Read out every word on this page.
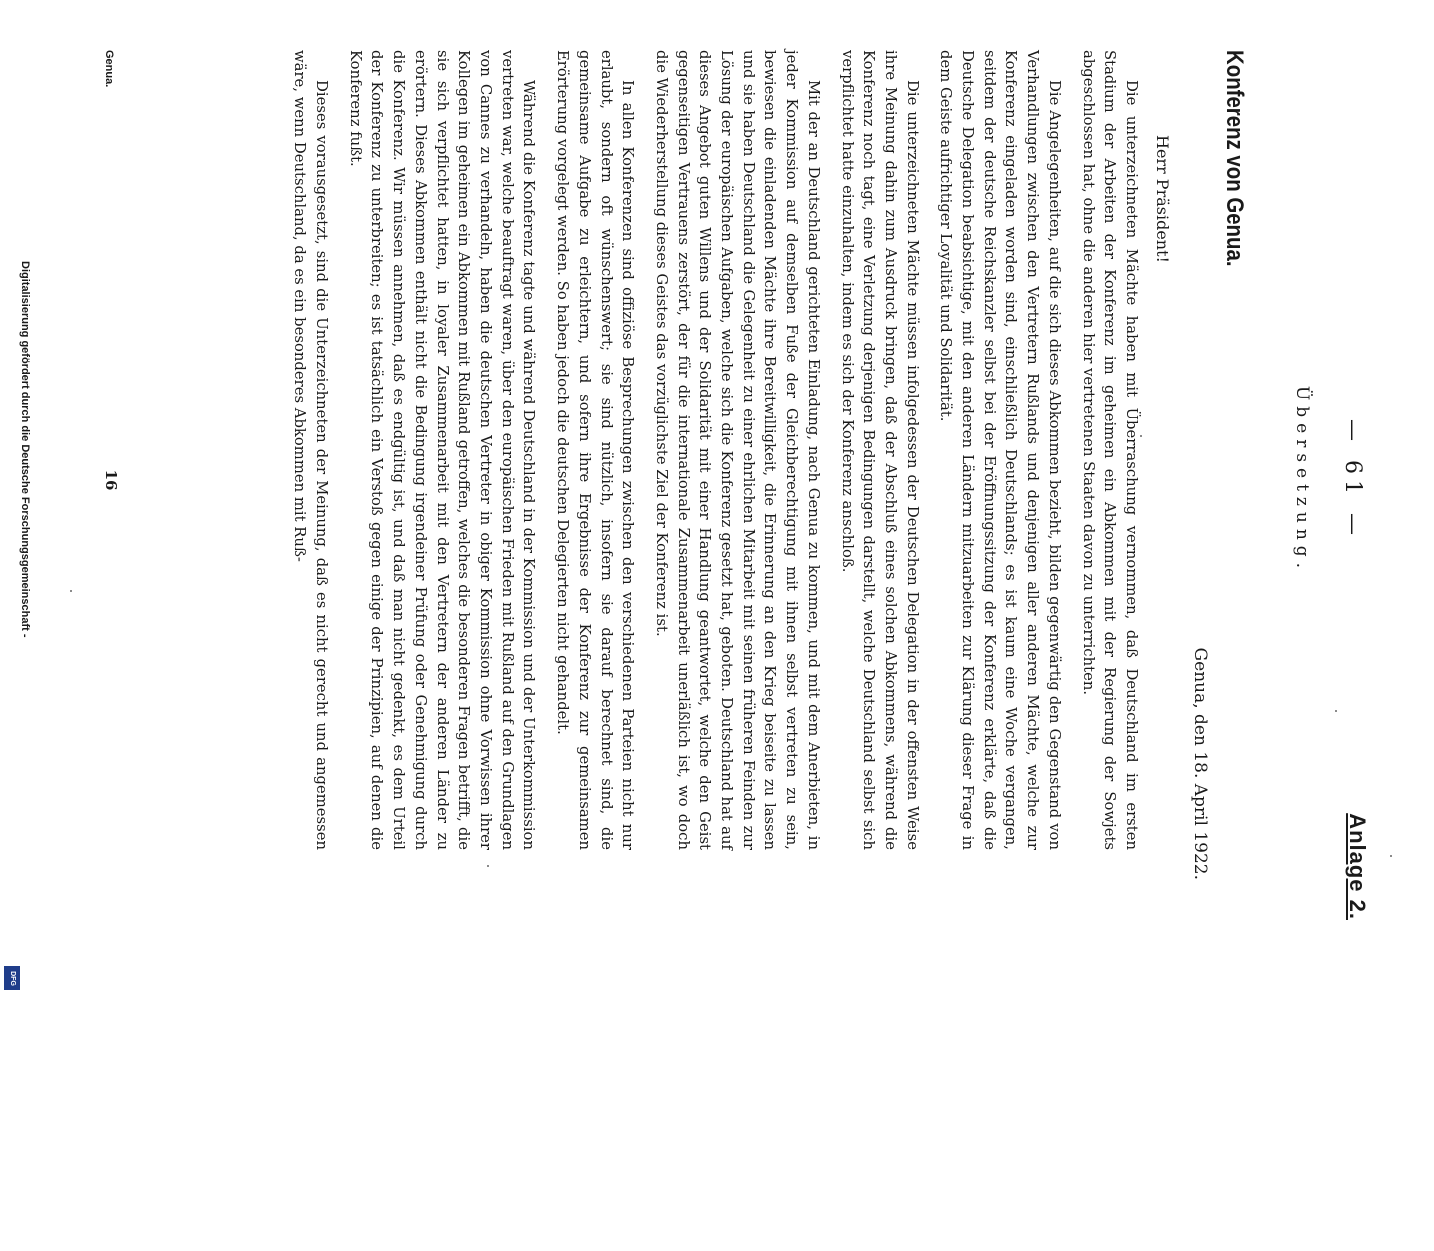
Anlage 2.
— 61 —
Übersetzung.
Konferenz von Genua.
Genua, den 18. April 1922.
Herr Präsident!

Die unterzeichneten Mächte haben mit Überraschung vernommen, daß Deutschland im ersten Stadium der Arbeiten der Konferenz im geheimen ein Abkommen mit der Regierung der Sowjets abgeschlossen hat, ohne die anderen hier vertretenen Staaten davon zu unterrichten.

Die Angelegenheiten, auf die sich dieses Abkommen bezieht, bilden gegenwärtig den Gegenstand von Verhandlungen zwischen den Vertretern Rußlands und denjenigen aller anderen Mächte, welche zur Konferenz eingeladen worden sind, einschließlich Deutschlands; es ist kaum eine Woche vergangen, seitdem der deutsche Reichskanzler selbst bei der Eröffnungssitzung der Konferenz erklärte, daß die Deutsche Delegation beabsichtige, mit den anderen Ländern mitzuarbeiten zur Klärung dieser Frage in dem Geiste aufrichtiger Loyalität und Solidarität.

Die unterzeichneten Mächte müssen infolgedessen der Deutschen Delegation in der offensten Weise ihre Meinung dahin zum Ausdruck bringen, daß der Abschluß eines solchen Abkommens, während die Konferenz noch tagt, eine Verletzung derjenigen Bedingungen darstellt, welche Deutschland selbst sich verpflichtet hatte einzuhalten, indem es sich der Konferenz anschloß.

Mit der an Deutschland gerichteten Einladung, nach Genua zu kommen, und mit dem Anerbieten, in jeder Kommission auf demselben Fuße der Gleichberechtigung mit ihnen selbst vertreten zu sein, bewiesen die einladenden Mächte ihre Bereitwilligkeit, die Erinnerung an den Krieg beiseite zu lassen und sie haben Deutschland die Gelegenheit zu einer ehrlichen Mitarbeit mit seinen früheren Feinden zur Lösung der europäischen Aufgaben, welche sich die Konferenz gesetzt hat, geboten. Deutschland hat auf dieses Angebot guten Willens und der Solidarität mit einer Handlung geantwortet, welche den Geist gegenseitigen Vertrauens zerstört, der für die internationale Zusammenarbeit unerläßlich ist, wo doch die Wiederherstellung dieses Geistes das vorzüglichste Ziel der Konferenz ist.

In allen Konferenzen sind offiziöse Besprechungen zwischen den verschiedenen Parteien nicht nur erlaubt, sondern oft wünschenswert; sie sind nützlich, insofern sie darauf berechnet sind, die gemeinsame Aufgabe zu erleichtern, und sofern ihre Ergebnisse der Konferenz zur gemeinsamen Erörterung vorgelegt werden. So haben jedoch die deutschen Delegierten nicht gehandelt.

Während die Konferenz tagte und während Deutschland in der Kommission und der Unterkommission vertreten war, welche beauftragt waren, über den europäischen Frieden mit Rußland auf den Grundlagen von Cannes zu verhandeln, haben die deutschen Vertreter in obiger Kommission ohne Vorwissen ihrer Kollegen im geheimen ein Abkommen mit Rußland getroffen, welches die besonderen Fragen betrifft, die sie sich verpflichtet hatten, in loyaler Zusammenarbeit mit den Vertretern der anderen Länder zu erörtern. Dieses Abkommen enthält nicht die Bedingung irgendeiner Prüfung oder Genehmigung durch die Konferenz. Wir müssen annehmen, daß es endgültig ist, und daß man nicht gedenkt, es dem Urteil der Konferenz zu unterbreiten; es ist tatsächlich ein Verstoß gegen einige der Prinzipien, auf denen die Konferenz fußt.

Dieses vorausgesetzt, sind die Unterzeichneten der Meinung, daß es nicht gerecht und angemessen wäre, wenn Deutschland, da es ein besonderes Abkommen mit Ruß-

Genua.
16
Digitalisierung gefördert durch die Deutsche Forschungsgemeinschaft -
DFG
